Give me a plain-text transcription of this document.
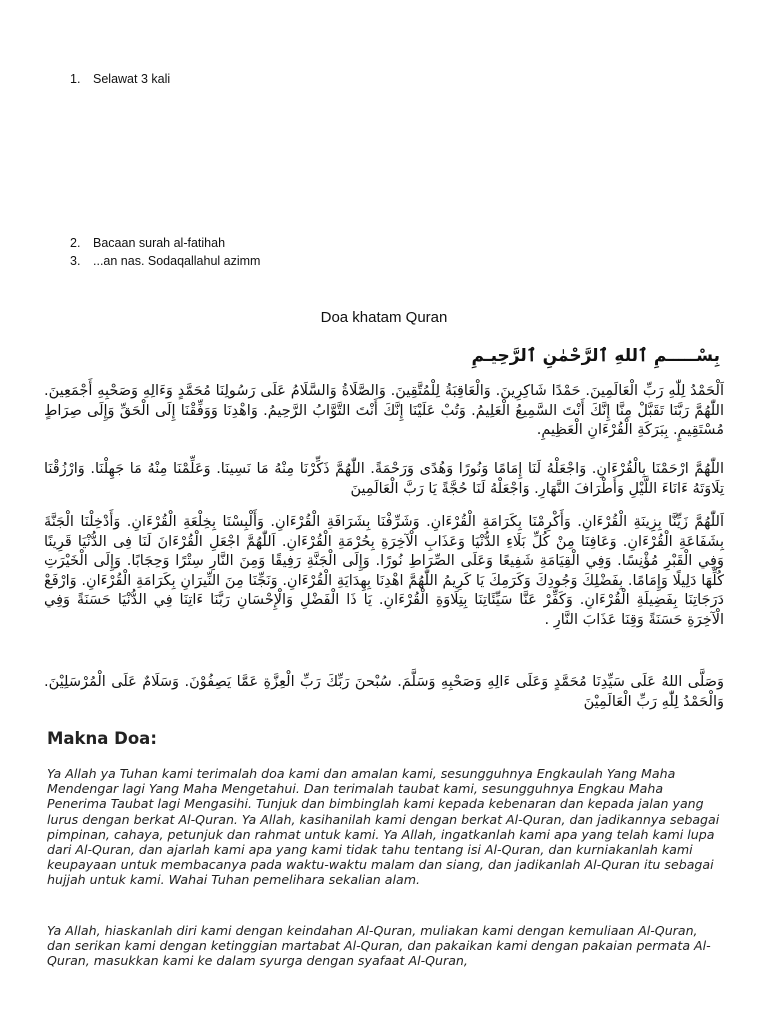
1. Selawat 3 kali
2. Bacaan surah al-fatihah
3. ...an nas. Sodaqallahul azimm
Doa khatam Quran
بِسْـــــمِ ٱللهِ ٱلرَّحْمٰنِ ٱلرَّحِيـمِ
اَلْحَمْدُ لِلّٰهِ رَبِّ الْعَالَمِينَ. حَمْدًا شَاكِرِينَ. وَالْعَاقِبَةُ لِلْمُتَّقِينَ. وَالصَّلَاةُ وَالسَّلَامُ عَلَى رَسُولِنَا مُحَمَّدٍ وَءَالِهِ وَصَحْبِهِ أَجْمَعِينَ. اللّٰهُمَّ رَبَّنَا تَقَبَّلْ مِنَّا إِنَّكَ أَنْتَ السَّمِيعُ الْعَلِيمُ. وَتُبْ عَلَيْنَا إِنَّكَ أَنْتَ التَّوَّابُ الرَّحِيمُ. وَاهْدِنَا وَوَفِّقْنَا إِلَى الْحَقِّ وَإِلَى صِرَاطٍ مُسْتَقِيمٍ. بِبَرَكَةِ الْقُرْءَانِ الْعَظِيمِ.
اللّٰهُمَّ ارْحَمْنَا بِالْقُرْءَانِ. وَاجْعَلْهُ لَنَا إِمَامًا وَنُورًا وَهُدًى وَرَحْمَةً. اللّٰهُمَّ ذَكِّرْنَا مِنْهُ مَا نَسِينَا. وَعَلِّمْنَا مِنْهُ مَا جَهِلْنَا. وَارْزُقْنَا تِلَاوَتَهُ ءَانَاءَ اللَّيْلِ وَأَطْرَافَ النَّهَارِ. وَاجْعَلْهُ لَنَا حُجَّةً يَا رَبَّ الْعَالَمِينَ
اَللّٰهُمَّ زَيِّنَّا بِزِينَةِ الْقُرْءَانِ. وَأَكْرِمْنَا بِكَرَامَةِ الْقُرْءَانِ. وَشَرِّفْنَا بِشَرَافَةِ الْقُرْءَانِ. وَأَلْبِسْنَا بِخِلْعَةِ الْقُرْءَانِ. وَأَدْخِلْنَا الْجَنَّةَ بِشَفَاعَةِ الْقُرْءَانِ. وَعَافِنَا مِنْ كُلِّ بَلَاءِ الدُّنْيَا وَعَذَابِ الْآخِرَةِ بِحُرْمَةِ الْقُرْءَانِ. اَللّٰهُمَّ اجْعَلِ الْقُرْءَانَ لَنَا فِى الدُّنْيَا قَرِينًا وَفِي الْقَبْرِ مُؤْنِسًا. وَفِي الْقِيَامَةِ شَفِيعًا وَعَلَى الصِّرَاطِ نُورًا. وَإِلَى الْجَنَّةِ رَفِيقًا وَمِنَ النَّارِ سِتْرًا وَحِجَابًا. وَإِلَى الْخَيْرَتِ كُلِّهَا دَلِيلًا وَإِمَامًا. بِفَضْلِكَ وَجُودِكَ وَكَرَمِكَ يَا كَرِيمُ اللّٰهُمَّ اهْدِنَا بِهِدَايَةِ الْقُرْءَانِ. وَنَجِّنَا مِنَ النِّيرَانِ بِكَرَامَةِ الْقُرْءَانِ. وَارْفَعْ دَرَجَاتِنَا بِفَضِيلَةِ الْقُرْءَانِ. وَكَفِّرْ عَنَّا سَيِّئَاتِنَا بِتِلَاوَةِ الْقُرْءَانِ. يَا ذَا الْفَضْلِ وَالْإِحْسَانِ رَبَّنَا ءَاتِنَا فِي الدُّنْيَا حَسَنَةً وَفِي الْآخِرَةِ حَسَنَةً وَقِنَا عَذَابَ النَّارِ .
وَصَلَّى اللهُ عَلَى سَيِّدِنَا مُحَمَّدٍ وَعَلَى ءَالِهِ وَصَحْبِهِ وَسَلَّمَ. سُبْحنَ رَبِّكَ رَبِّ الْعِزَّةِ عَمَّا يَصِفُوْنَ. وَسَلَامٌ عَلَى الْمُرْسَلِيْنَ. وَالْحَمْدُ لِلّٰهِ رَبِّ الْعَالَمِيْنَ
Makna Doa:
Ya Allah ya Tuhan kami terimalah doa kami dan amalan kami, sesungguhnya Engkaulah Yang Maha Mendengar lagi Yang Maha Mengetahui. Dan terimalah taubat kami, sesungguhnya Engkau Maha Penerima Taubat lagi Mengasihi. Tunjuk dan bimbinglah kami kepada kebenaran dan kepada jalan yang lurus dengan berkat Al-Quran. Ya Allah, kasihanilah kami dengan berkat Al-Quran, dan jadikannya sebagai pimpinan, cahaya, petunjuk dan rahmat untuk kami. Ya Allah, ingatkanlah kami apa yang telah kami lupa dari Al-Quran, dan ajarlah kami apa yang kami tidak tahu tentang isi Al-Quran, dan kurniakanlah kami keupayaan untuk membacanya pada waktu-waktu malam dan siang, dan jadikanlah Al-Quran itu sebagai hujjah untuk kami. Wahai Tuhan pemelihara sekalian alam.
Ya Allah, hiaskanlah diri kami dengan keindahan Al-Quran, muliakan kami dengan kemuliaan Al-Quran, dan serikan kami dengan ketinggian martabat Al-Quran, dan pakaikan kami dengan pakaian permata Al-Quran, masukkan kami ke dalam syurga dengan syafaat Al-Quran,
